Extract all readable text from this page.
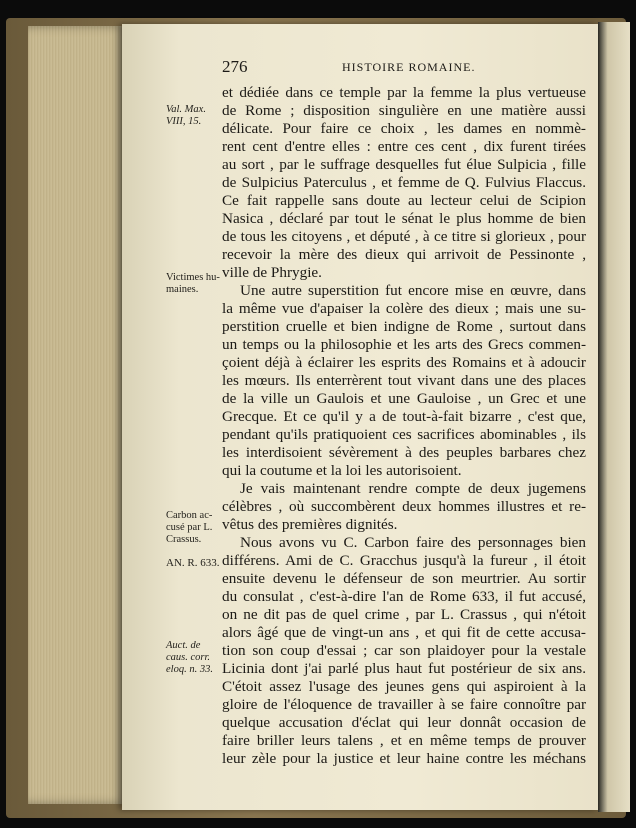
276	HISTOIRE ROMAINE.
et dédiée dans ce temple par la femme la plus vertueuse
de Rome ; disposition singulière en une matière aussi
délicate. Pour faire ce choix , les dames en nommè-
rent cent d'entre elles : entre ces cent , dix furent tirées
au sort , par le suffrage desquelles fut élue Sulpicia , fille
de Sulpicius Paterculus , et femme de Q. Fulvius Flaccus.
Ce fait rappelle sans doute au lecteur celui de Scipion
Nasica , déclaré par tout le sénat le plus homme de bien
de tous les citoyens , et député , à ce titre si glorieux , pour
recevoir la mère des dieux qui arrivoit de Pessinonte ,
ville de Phrygie.
Une autre superstition fut encore mise en œuvre, dans
la même vue d'apaiser la colère des dieux ; mais une su-
perstition cruelle et bien indigne de Rome , surtout dans
un temps ou la philosophie et les arts des Grecs commen-
çoient déjà à éclairer les esprits des Romains et à adoucir
les mœurs. Ils enterrèrent tout vivant dans une des places
de la ville un Gaulois et une Gauloise , un Grec et une
Grecque. Et ce qu'il y a de tout-à-fait bizarre , c'est que,
pendant qu'ils pratiquoient ces sacrifices abominables , ils
les interdisoient sévèrement à des peuples barbares chez
qui la coutume et la loi les autorisoient.
Je vais maintenant rendre compte de deux jugemens
célèbres , où succombèrent deux hommes illustres et re-
vêtus des premières dignités.
Nous avons vu C. Carbon faire des personnages bien
différens. Ami de C. Gracchus jusqu'à la fureur , il étoit
ensuite devenu le défenseur de son meurtrier. Au sortir
du consulat , c'est-à-dire l'an de Rome 633, il fut accusé,
on ne dit pas de quel crime , par L. Crassus , qui n'étoit
alors âgé que de vingt-un ans , et qui fit de cette accusa-
tion son coup d'essai ; car son plaidoyer pour la vestale
Licinia dont j'ai parlé plus haut fut postérieur de six ans.
C'étoit assez l'usage des jeunes gens qui aspiroient à la
gloire de l'éloquence de travailler à se faire connoître par
quelque accusation d'éclat qui leur donnât occasion de
faire briller leurs talens , et en même temps de prouver
leur zèle pour la justice et leur haine contre les méchans
Val. Max.
VIII, 15.
Victimes hu-
maines.
Carbon ac-
cusé par L.
Crassus.
AN. R. 633.
Auct. de
caus. corr.
eloq. n. 33.
